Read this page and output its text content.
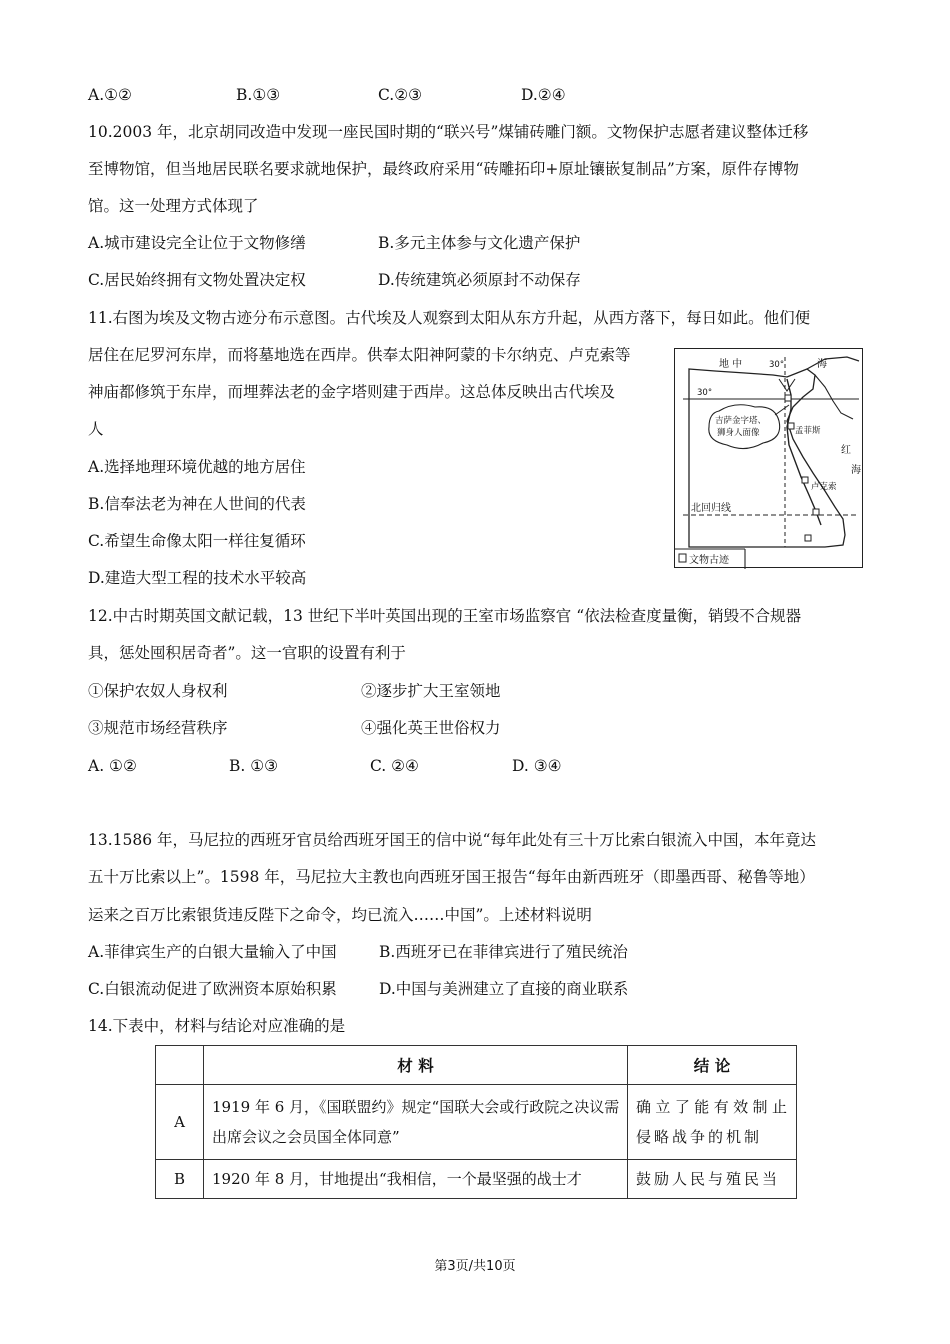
A.①②	B.①③	C.②③	D.②④
10.2003 年，北京胡同改造中发现一座民国时期的“联兴号”煤铺砖雕门额。文物保护志愿者建议整体迁移
至博物馆，但当地居民联名要求就地保护，最终政府采用“砖雕拓印+原址镶嵌复制品”方案，原件存博物
馆。这一处理方式体现了
A.城市建设完全让位于文物修缮	B.多元主体参与文化遗产保护
C.居民始终拥有文物处置决定权	D.传统建筑必须原封不动保存
11.右图为埃及文物古迹分布示意图。古代埃及人观察到太阳从东方升起，从西方落下，每日如此。他们便
居住在尼罗河东岸，而将墓地选在西岸。供奉太阳神阿蒙的卡尔纳克、卢克索等
神庙都修筑于东岸，而埋葬法老的金字塔则建于西岸。这总体反映出古代埃及
人
A.选择地理环境优越的地方居住
B.信奉法老为神在人世间的代表
C.希望生命像太阳一样往复循环
D.建造大型工程的技术水平较高
地 中	海
30°
30°
吉萨金字塔、
狮身人面像	孟菲斯
红
海
卢克索
北回归线
文物古迹
12.中古时期英国文献记载，13 世纪下半叶英国出现的王室市场监察官 “依法检查度量衡，销毁不合规器
具，惩处囤积居奇者”。这一官职的设置有利于
①保护农奴人身权利	②逐步扩大王室领地
③规范市场经营秩序	④强化英王世俗权力
A. ①②	B. ①③	C. ②④	D. ③④
13.1586 年，马尼拉的西班牙官员给西班牙国王的信中说“每年此处有三十万比索白银流入中国，本年竟达
五十万比索以上”。1598 年，马尼拉大主教也向西班牙国王报告“每年由新西班牙（即墨西哥、秘鲁等地）
运来之百万比索银货违反陛下之命令，均已流入……中国”。上述材料说明
A.菲律宾生产的白银大量输入了中国	B.西班牙已在菲律宾进行了殖民统治
C.白银流动促进了欧洲资本原始积累	D.中国与美洲建立了直接的商业联系
14.下表中，材料与结论对应准确的是
	材 料	结 论
A	1919 年 6 月，《国联盟约》规定“国联大会或行政院之决议需出席会议之会员国全体同意”	确立了能有效制止侵略战争的机制

B	1920 年 8 月，甘地提出“我相信，一个最坚强的战士才	鼓励人民与殖民当
第3页/共10页
